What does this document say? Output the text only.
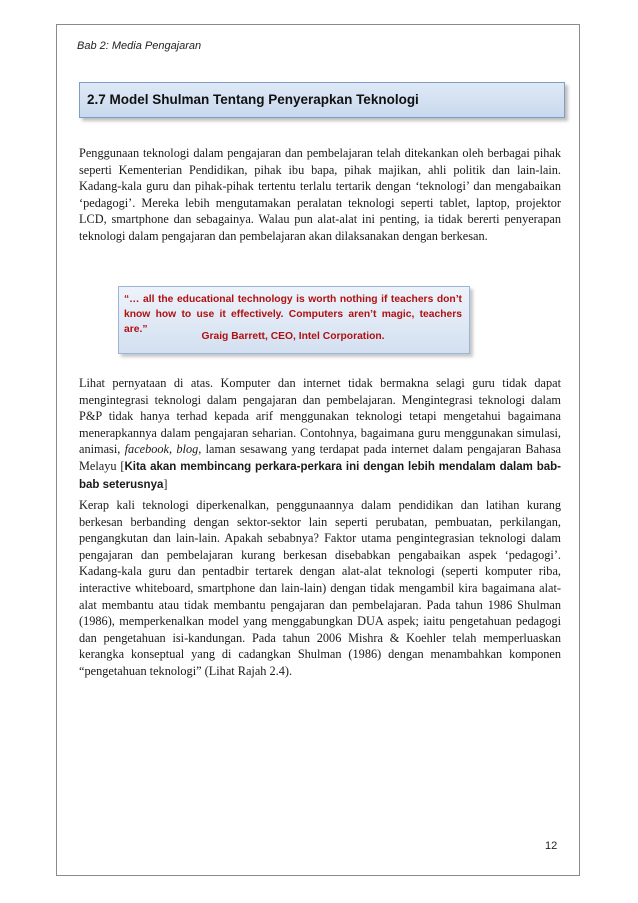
Bab 2: Media Pengajaran
2.7 Model Shulman Tentang Penyerapkan Teknologi

Penggunaan teknologi dalam pengajaran dan pembelajaran telah ditekankan oleh berbagai pihak seperti Kementerian Pendidikan, pihak ibu bapa, pihak majikan, ahli politik dan lain-lain. Kadang-kala guru dan pihak-pihak tertentu terlalu tertarik dengan ‘teknologi’ dan mengabaikan ‘pedagogi’. Mereka lebih mengutamakan peralatan teknologi seperti tablet, laptop, projektor LCD, smartphone dan sebagainya. Walau pun alat-alat ini penting, ia tidak bererti penyerapan teknologi dalam pengajaran dan pembelajaran akan dilaksanakan dengan berkesan.

“… all the educational technology is worth nothing if teachers don’t know how to use it effectively. Computers aren’t magic, teachers are.”

Graig Barrett, CEO, Intel Corporation.

Lihat pernyataan di atas. Komputer dan internet tidak bermakna selagi guru tidak dapat mengintegrasi teknologi dalam pengajaran dan pembelajaran. Mengintegrasi teknologi dalam P&P tidak hanya terhad kepada arif menggunakan teknologi tetapi mengetahui bagaimana menerapkannya dalam pengajaran seharian. Contohnya, bagaimana guru menggunakan simulasi, animasi, facebook, blog, laman sesawang yang terdapat pada internet dalam pengajaran Bahasa Melayu [Kita akan membincang perkara-perkara ini dengan lebih mendalam dalam bab-bab seterusnya]

Kerap kali teknologi diperkenalkan, penggunaannya dalam pendidikan dan latihan kurang berkesan berbanding dengan sektor-sektor lain seperti perubatan, pembuatan, perkilangan, pengangkutan dan lain-lain. Apakah sebabnya? Faktor utama pengintegrasian teknologi dalam pengajaran dan pembelajaran kurang berkesan disebabkan pengabaikan aspek ‘pedagogi’. Kadang-kala guru dan pentadbir tertarek dengan alat-alat teknologi (seperti komputer riba, interactive whiteboard, smartphone dan lain-lain) dengan tidak mengambil kira bagaimana alat-alat membantu atau tidak membantu pengajaran dan pembelajaran. Pada tahun 1986 Shulman (1986), memperkenalkan model yang menggabungkan DUA aspek; iaitu pengetahuan pedagogi dan pengetahuan isi-kandungan. Pada tahun 2006 Mishra & Koehler telah memperluaskan kerangka konseptual yang di cadangkan Shulman (1986) dengan menambahkan komponen “pengetahuan teknologi” (Lihat Rajah 2.4).

12
